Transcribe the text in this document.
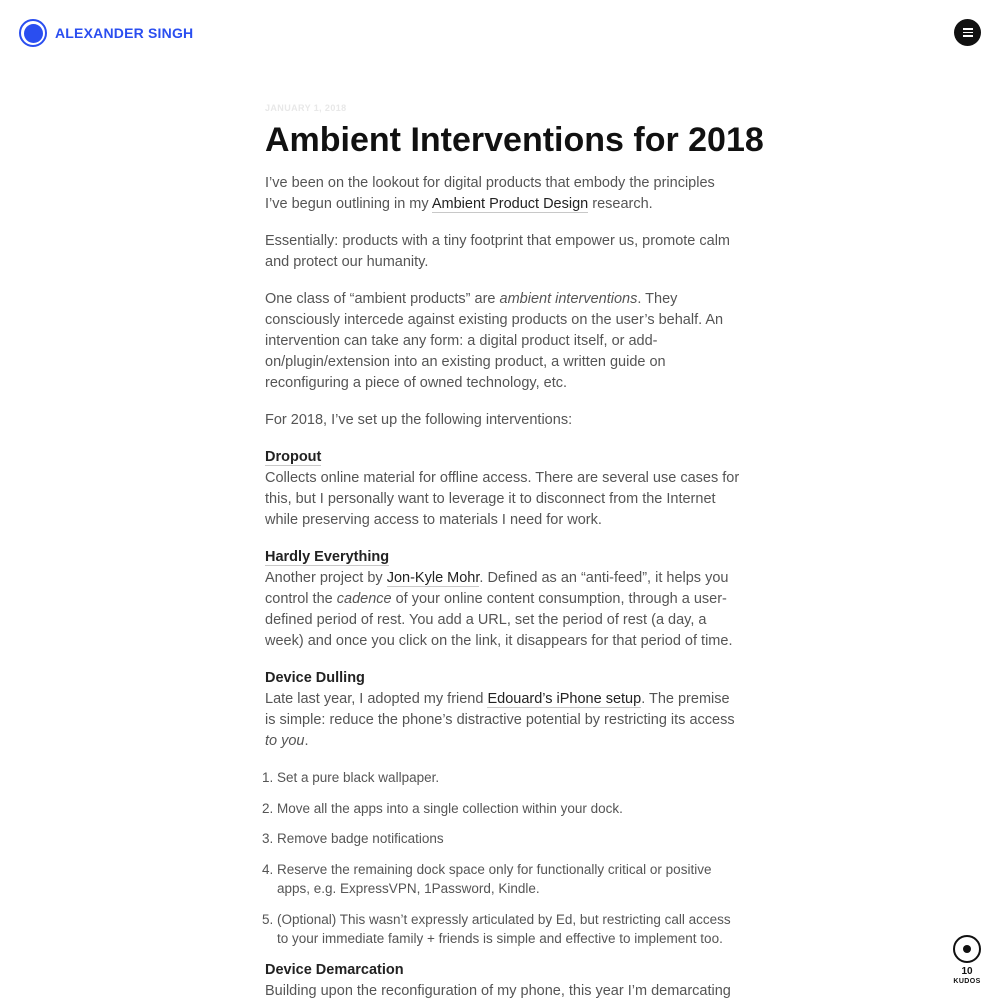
ALEXANDER SINGH
JANUARY 1, 2018
Ambient Interventions for 2018

I’ve been on the lookout for digital products that embody the principles I’ve begun outlining in my Ambient Product Design research.

Essentially: products with a tiny footprint that empower us, promote calm and protect our humanity.

One class of “ambient products” are ambient interventions. They consciously intercede against existing products on the user’s behalf. An intervention can take any form: a digital product itself, or add-on/plugin/extension into an existing product, a written guide on reconfiguring a piece of owned technology, etc.

For 2018, I’ve set up the following interventions:

Dropout
Collects online material for offline access. There are several use cases for this, but I personally want to leverage it to disconnect from the Internet while preserving access to materials I need for work.

Hardly Everything
Another project by Jon-Kyle Mohr. Defined as an “anti-feed”, it helps you control the cadence of your online content consumption, through a user-defined period of rest. You add a URL, set the period of rest (a day, a week) and once you click on the link, it disappears for that period of time.

Device Dulling
Late last year, I adopted my friend Edouard’s iPhone setup. The premise is simple: reduce the phone’s distractive potential by restricting its access to you.

1. Set a pure black wallpaper.
2. Move all the apps into a single collection within your dock.
3. Remove badge notifications
4. Reserve the remaining dock space only for functionally critical or positive apps, e.g. ExpressVPN, 1Password, Kindle.
5. (Optional) This wasn’t expressly articulated by Ed, but restricting call access to your immediate family + friends is simple and effective to implement too.

Device Demarcation
Building upon the reconfiguration of my phone, this year I’m demarcating

10
KUDOS
